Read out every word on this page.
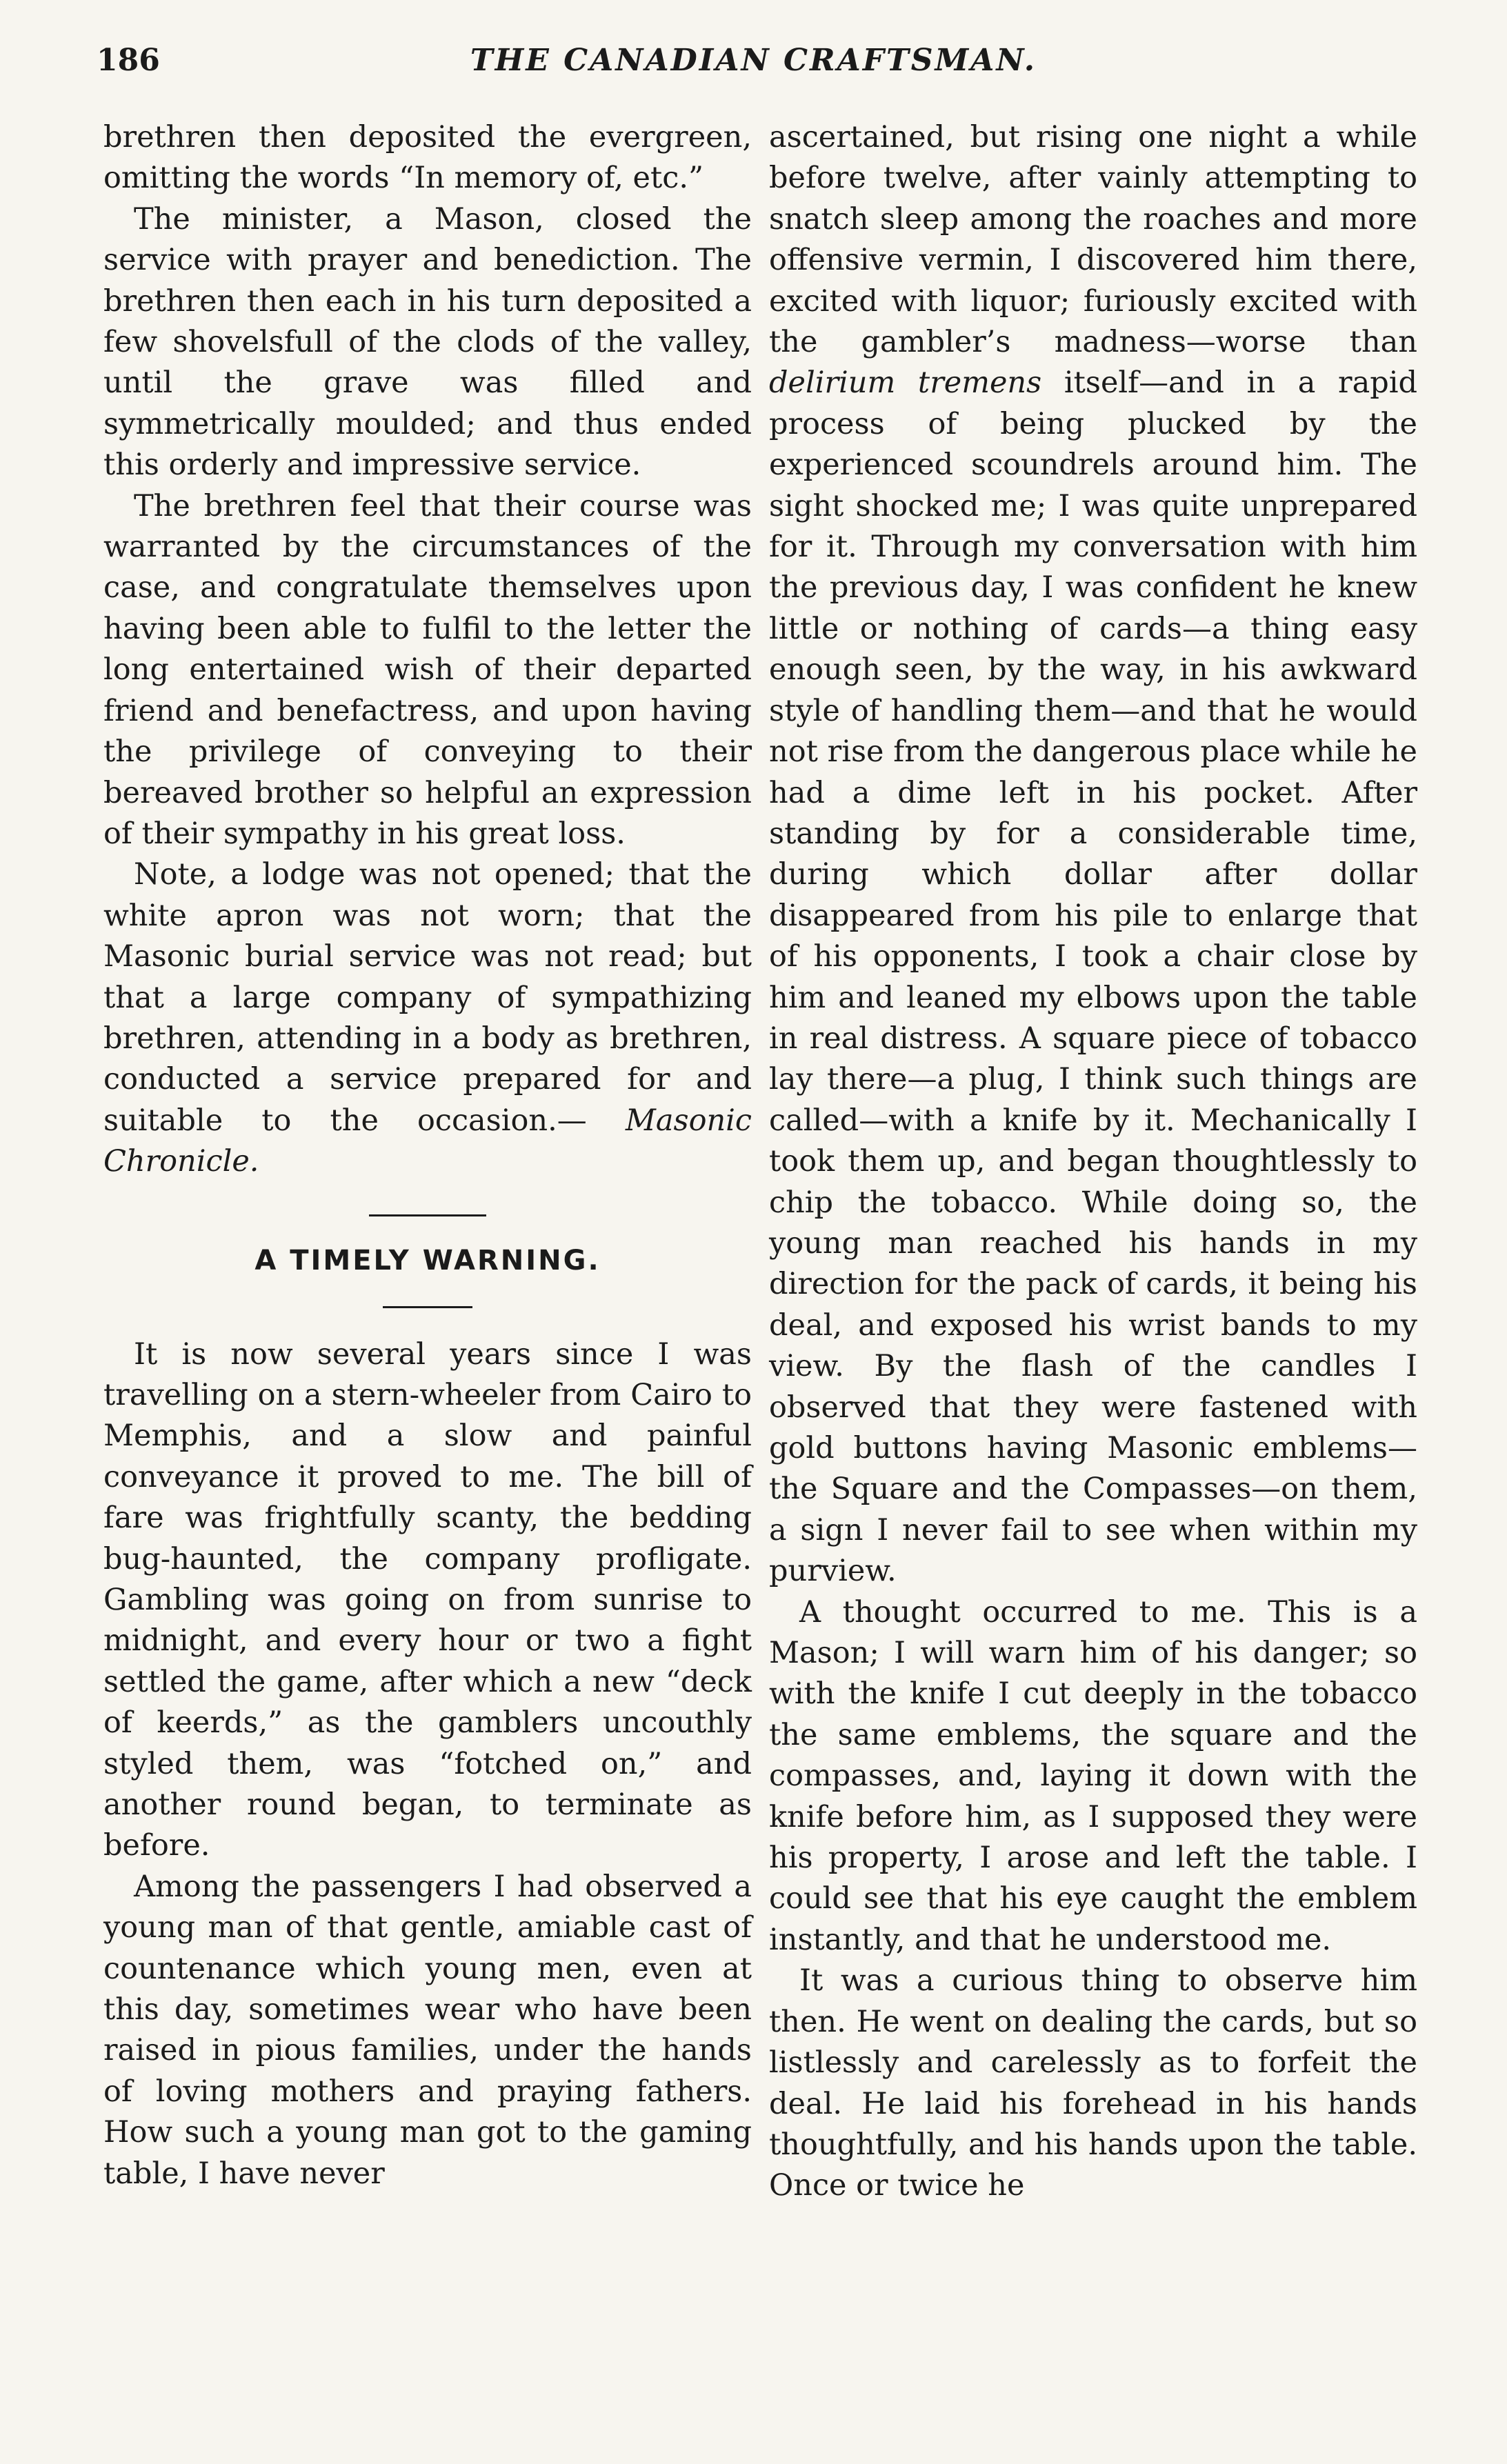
186	THE CANADIAN CRAFTSMAN.

brethren then deposited the evergreen, omitting the words “In memory of, etc.”

The minister, a Mason, closed the service with prayer and benediction. The brethren then each in his turn deposited a few shovelsfull of the clods of the valley, until the grave was filled and symmetrically moulded; and thus ended this orderly and impressive service.

The brethren feel that their course was warranted by the circumstances of the case, and congratulate themselves upon having been able to fulfil to the letter the long entertained wish of their departed friend and benefactress, and upon having the privilege of conveying to their bereaved brother so helpful an expression of their sympathy in his great loss.

Note, a lodge was not opened; that the white apron was not worn; that the Masonic burial service was not read; but that a large company of sympathizing brethren, attending in a body as brethren, conducted a service prepared for and suitable to the occasion.— Masonic Chronicle.

A TIMELY WARNING.

It is now several years since I was travelling on a stern-wheeler from Cairo to Memphis, and a slow and painful conveyance it proved to me. The bill of fare was frightfully scanty, the bedding bug-haunted, the company profligate. Gambling was going on from sunrise to midnight, and every hour or two a fight settled the game, after which a new “deck of keerds,” as the gamblers uncouthly styled them, was “fotched on,” and another round began, to terminate as before.

Among the passengers I had observed a young man of that gentle, amiable cast of countenance which young men, even at this day, sometimes wear who have been raised in pious families, under the hands of loving mothers and praying fathers. How such a young man got to the gaming table, I have never

ascertained, but rising one night a while before twelve, after vainly attempting to snatch sleep among the roaches and more offensive vermin, I discovered him there, excited with liquor; furiously excited with the gambler’s madness—worse than delirium tremens itself—and in a rapid process of being plucked by the experienced scoundrels around him. The sight shocked me; I was quite unprepared for it. Through my conversation with him the previous day, I was confident he knew little or nothing of cards—a thing easy enough seen, by the way, in his awkward style of handling them—and that he would not rise from the dangerous place while he had a dime left in his pocket. After standing by for a considerable time, during which dollar after dollar disappeared from his pile to enlarge that of his opponents, I took a chair close by him and leaned my elbows upon the table in real distress. A square piece of tobacco lay there—a plug, I think such things are called—with a knife by it. Mechanically I took them up, and began thoughtlessly to chip the tobacco. While doing so, the young man reached his hands in my direction for the pack of cards, it being his deal, and exposed his wrist bands to my view. By the flash of the candles I observed that they were fastened with gold buttons having Masonic emblems—the Square and the Compasses—on them, a sign I never fail to see when within my purview.

A thought occurred to me. This is a Mason; I will warn him of his danger; so with the knife I cut deeply in the tobacco the same emblems, the square and the compasses, and, laying it down with the knife before him, as I supposed they were his property, I arose and left the table. I could see that his eye caught the emblem instantly, and that he understood me.

It was a curious thing to observe him then. He went on dealing the cards, but so listlessly and carelessly as to forfeit the deal. He laid his forehead in his hands thoughtfully, and his hands upon the table. Once or twice he
